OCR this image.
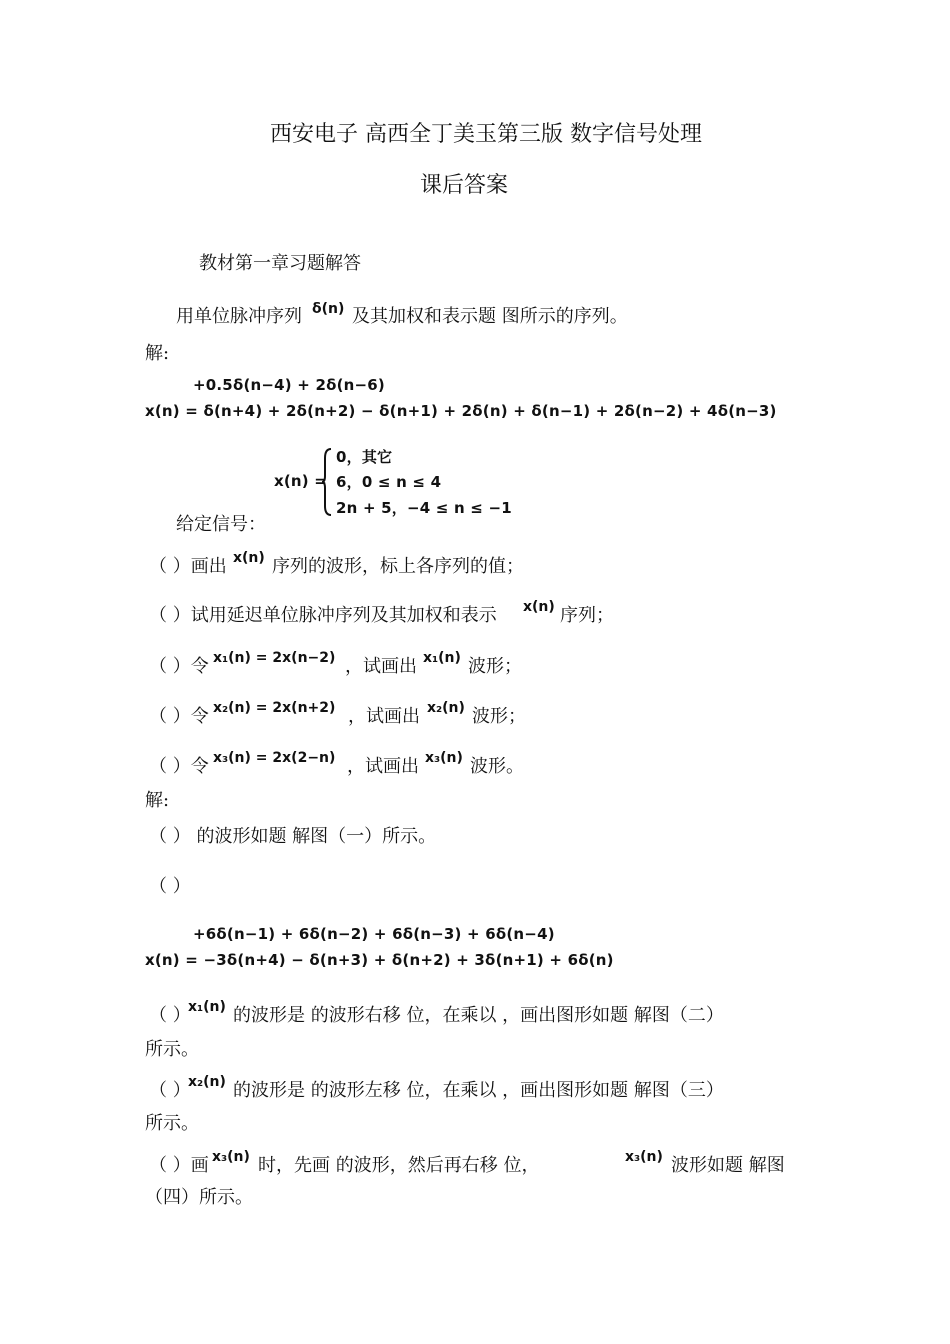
西安电子 高西全丁美玉第三版 数字信号处理
课后答案
教材第一章习题解答
用单位脉冲序列 δ(n) 及其加权和表示题 图所示的序列。
解:
+0.5δ(n−4) + 2δ(n−6)
x(n) = δ(n+4) + 2δ(n+2) − δ(n+1) + 2δ(n) + δ(n−1) + 2δ(n−2) + 4δ(n−3)
x(n) =
0，其它
6，0 ≤ n ≤ 4
2n + 5，−4 ≤ n ≤ −1
给定信号：
（ ）画出 x(n) 序列的波形，标上各序列的值；
（ ）试用延迟单位脉冲序列及其加权和表示 x(n) 序列；
（ ）令 x₁(n) = 2x(n−2) ，试画出 x₁(n) 波形；
（ ）令 x₂(n) = 2x(n+2) ，试画出 x₂(n) 波形；
（ ）令 x₃(n) = 2x(2−n) ，试画出 x₃(n) 波形。
解:
（ ） 的波形如题 解图（一）所示。
（ ）
+6δ(n−1) + 6δ(n−2) + 6δ(n−3) + 6δ(n−4)
x(n) = −3δ(n+4) − δ(n+3) + δ(n+2) + 3δ(n+1) + 6δ(n)
（ ）
x₁(n) 的波形是 的波形右移 位，在乘以 ，画出图形如题 解图（二）
所示。
（ ）
x₂(n) 的波形是 的波形左移 位，在乘以 ，画出图形如题 解图（三）
所示。
（ ）画 x₃(n) 时，先画 的波形，然后再右移 位，	x₃(n) 波形如题 解图
（四）所示。
